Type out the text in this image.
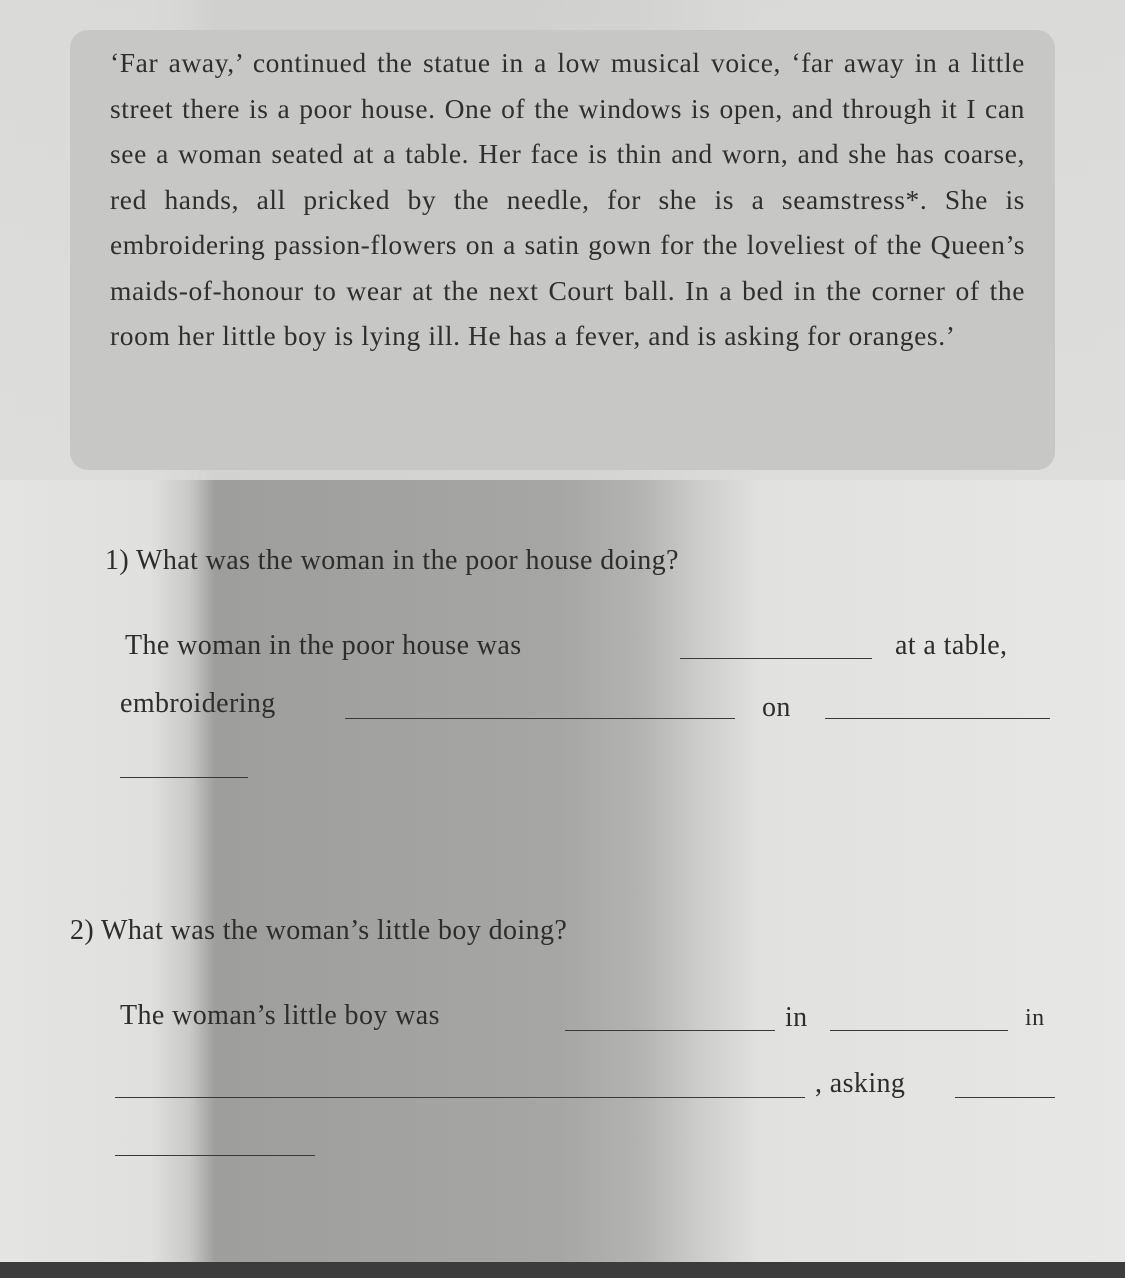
‘Far away,’ continued the statue in a low musical voice, ‘far away in a little street there is a poor house. One of the windows is open, and through it I can see a woman seated at a table. Her face is thin and worn, and she has coarse, red hands, all pricked by the needle, for she is a seamstress*. She is embroidering passion-flowers on a satin gown for the loveliest of the Queen’s maids-of-honour to wear at the next Court ball. In a bed in the corner of the room her little boy is lying ill. He has a fever, and is asking for oranges.’
1) What was the woman in the poor house doing?
The woman in the poor house was	at a table,
embroidering	on
2) What was the woman’s little boy doing?
The woman’s little boy was	in	in
, asking
